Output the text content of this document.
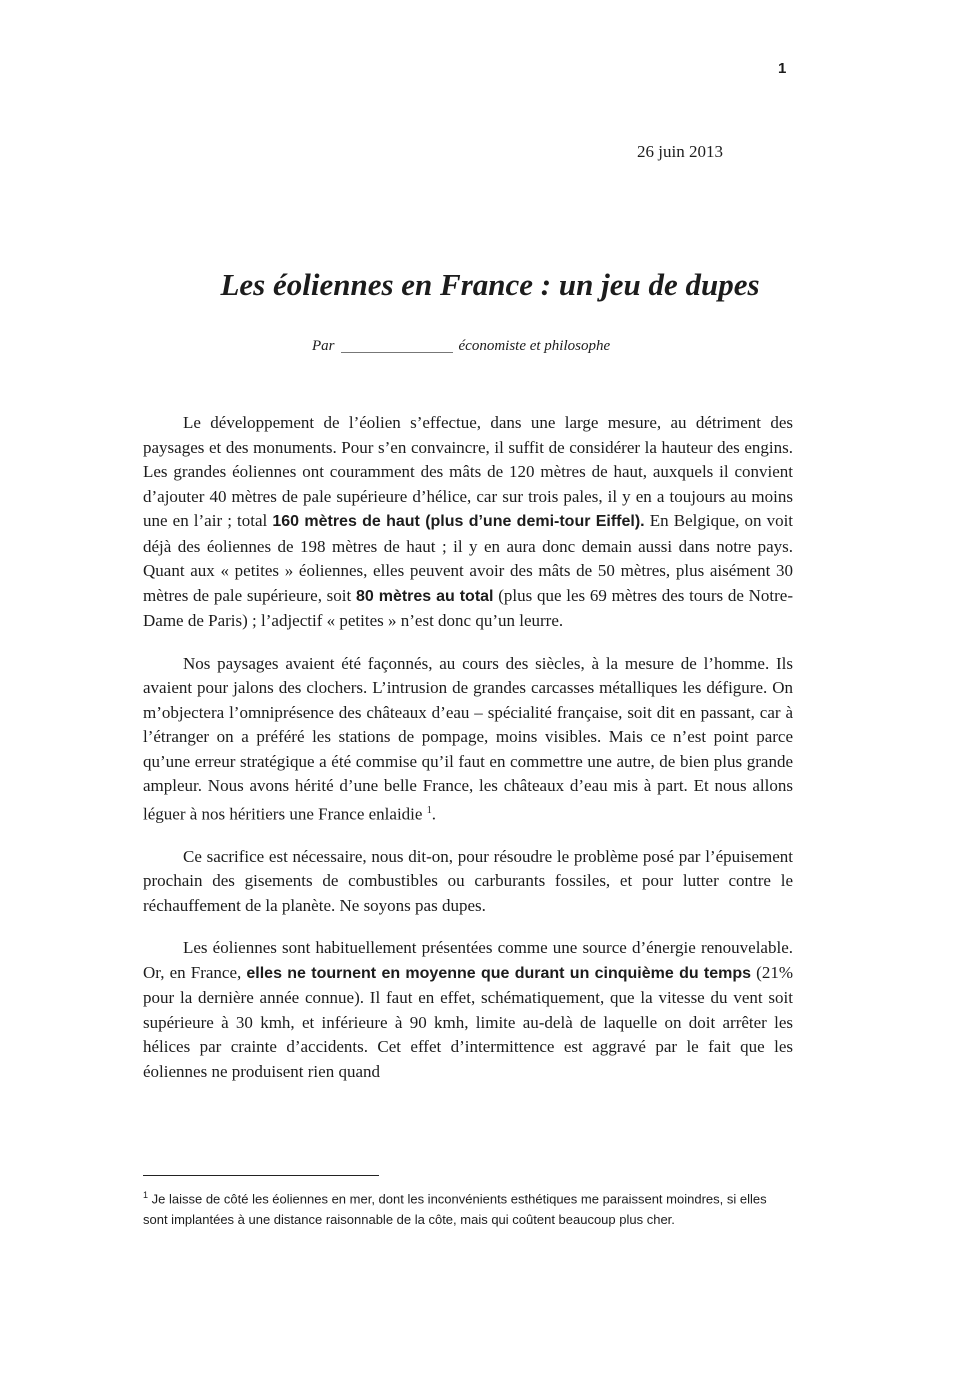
1
26 juin 2013
Les éoliennes en France : un jeu de dupes
Par	économiste et philosophe

Le développement de l’éolien s’effectue, dans une large mesure, au détriment des paysages et des monuments. Pour s’en convaincre, il suffit de considérer la hauteur des engins. Les grandes éoliennes ont couramment des mâts de 120 mètres de haut, auxquels il convient d’ajouter 40 mètres de pale supérieure d’hélice, car sur trois pales, il y en a toujours au moins une en l’air ; total 160 mètres de haut (plus d’une demi-tour Eiffel). En Belgique, on voit déjà des éoliennes de 198 mètres de haut ; il y en aura donc demain aussi dans notre pays. Quant aux « petites » éoliennes, elles peuvent avoir des mâts de 50 mètres, plus aisément 30 mètres de pale supérieure, soit 80 mètres au total (plus que les 69 mètres des tours de Notre-Dame de Paris) ; l’adjectif « petites » n’est donc qu’un leurre.

Nos paysages avaient été façonnés, au cours des siècles, à la mesure de l’homme. Ils avaient pour jalons des clochers. L’intrusion de grandes carcasses métalliques les défigure. On m’objectera l’omniprésence des châteaux d’eau – spécialité française, soit dit en passant, car à l’étranger on a préféré les stations de pompage, moins visibles. Mais ce n’est point parce qu’une erreur stratégique a été commise qu’il faut en commettre une autre, de bien plus grande ampleur. Nous avons hérité d’une belle France, les châteaux d’eau mis à part. Et nous allons léguer à nos héritiers une France enlaidie $^1$.

Ce sacrifice est nécessaire, nous dit-on, pour résoudre le problème posé par l’épuisement prochain des gisements de combustibles ou carburants fossiles, et pour lutter contre le réchauffement de la planète. Ne soyons pas dupes.

Les éoliennes sont habituellement présentées comme une source d’énergie renouvelable. Or, en France, elles ne tournent en moyenne que durant un cinquième du temps (21% pour la dernière année connue). Il faut en effet, schématiquement, que la vitesse du vent soit supérieure à 30 kmh, et inférieure à 90 kmh, limite au-delà de laquelle on doit arrêter les hélices par crainte d’accidents. Cet effet d’intermittence est aggravé par le fait que les éoliennes ne produisent rien quand

$^1$ Je laisse de côté les éoliennes en mer, dont les inconvénients esthétiques me paraissent moindres, si elles sont implantées à une distance raisonnable de la côte, mais qui coûtent beaucoup plus cher.
